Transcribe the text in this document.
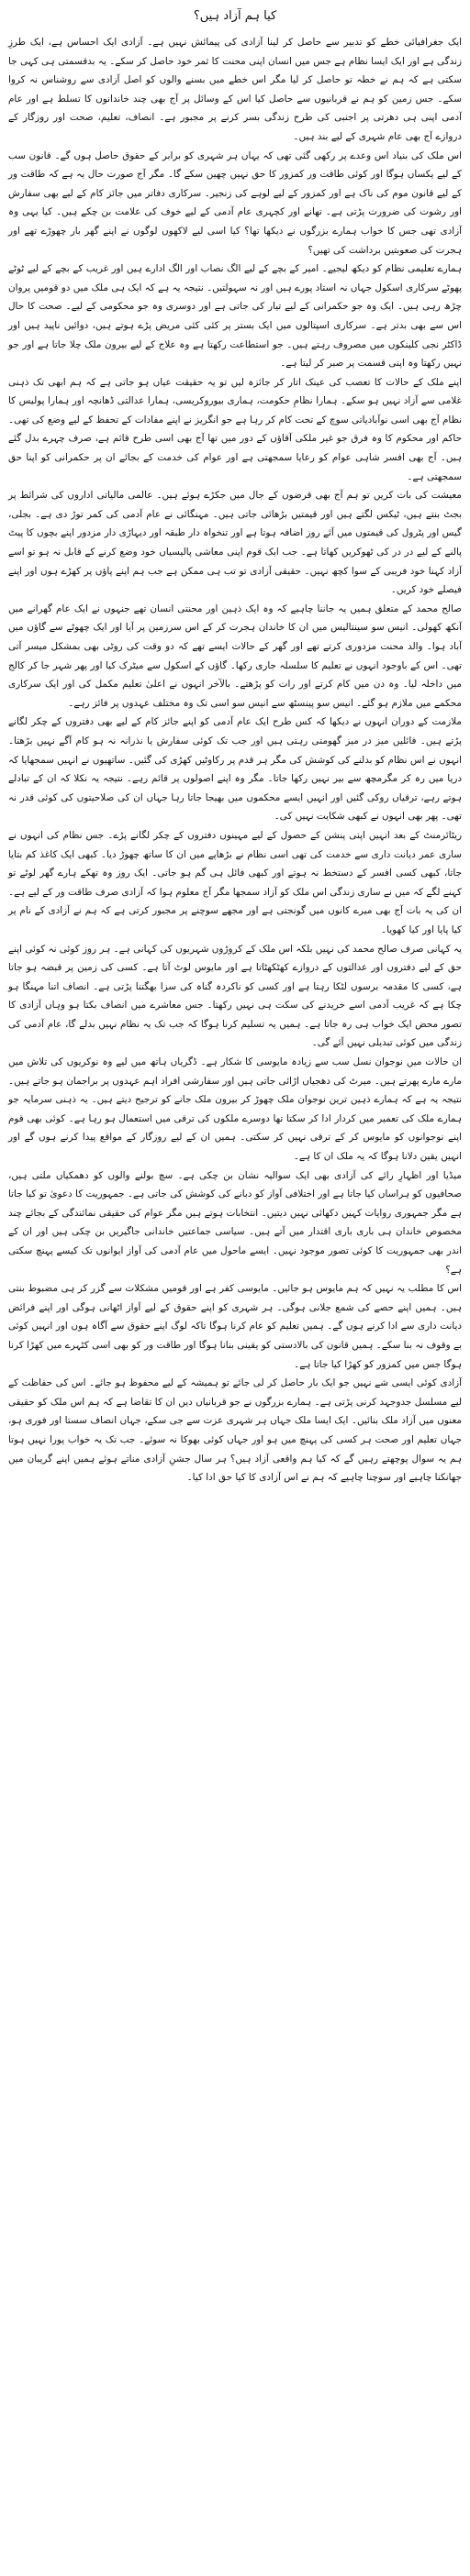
کیا ہم آزاد ہیں؟

ایک جغرافیائی خطے کو تدبیر سے حاصل کر لینا آزادی کی پیمائش نہیں ہے۔ آزادی ایک احساس ہے، ایک طرزِ زندگی ہے اور ایک ایسا نظام ہے جس میں انسان اپنی محنت کا ثمر خود حاصل کر سکے۔ یہ بدقسمتی ہی کہی جا سکتی ہے کہ ہم نے خطہ تو حاصل کر لیا مگر اس خطے میں بسنے والوں کو اصل آزادی سے روشناس نہ کروا سکے۔ جس زمین کو ہم نے قربانیوں سے حاصل کیا اس کے وسائل پر آج بھی چند خاندانوں کا تسلط ہے اور عام آدمی اپنی ہی دھرتی پر اجنبی کی طرح زندگی بسر کرنے پر مجبور ہے۔ انصاف، تعلیم، صحت اور روزگار کے دروازے آج بھی عام شہری کے لیے بند ہیں۔

اس ملک کی بنیاد اس وعدے پر رکھی گئی تھی کہ یہاں ہر شہری کو برابر کے حقوق حاصل ہوں گے۔ قانون سب کے لیے یکساں ہوگا اور کوئی طاقت ور کمزور کا حق نہیں چھین سکے گا۔ مگر آج صورت حال یہ ہے کہ طاقت ور کے لیے قانون موم کی ناک ہے اور کمزور کے لیے لوہے کی زنجیر۔ سرکاری دفاتر میں جائز کام کے لیے بھی سفارش اور رشوت کی ضرورت پڑتی ہے۔ تھانے اور کچہری عام آدمی کے لیے خوف کی علامت بن چکے ہیں۔ کیا یہی وہ آزادی تھی جس کا خواب ہمارے بزرگوں نے دیکھا تھا؟ کیا اسی لیے لاکھوں لوگوں نے اپنے گھر بار چھوڑے تھے اور ہجرت کی صعوبتیں برداشت کی تھیں؟

ہمارے تعلیمی نظام کو دیکھ لیجیے۔ امیر کے بچے کے لیے الگ نصاب اور الگ ادارے ہیں اور غریب کے بچے کے لیے ٹوٹے پھوٹے سرکاری اسکول جہاں نہ استاد پورے ہیں اور نہ سہولتیں۔ نتیجہ یہ ہے کہ ایک ہی ملک میں دو قومیں پروان چڑھ رہی ہیں۔ ایک وہ جو حکمرانی کے لیے تیار کی جاتی ہے اور دوسری وہ جو محکومی کے لیے۔ صحت کا حال اس سے بھی بدتر ہے۔ سرکاری اسپتالوں میں ایک بستر پر کئی کئی مریض پڑے ہوتے ہیں، دوائیں ناپید ہیں اور ڈاکٹر نجی کلینکوں میں مصروف رہتے ہیں۔ جو استطاعت رکھتا ہے وہ علاج کے لیے بیرون ملک چلا جاتا ہے اور جو نہیں رکھتا وہ اپنی قسمت پر صبر کر لیتا ہے۔

اپنے ملک کے حالات کا تعصب کی عینک اتار کر جائزہ لیں تو یہ حقیقت عیاں ہو جاتی ہے کہ ہم ابھی تک ذہنی غلامی سے آزاد نہیں ہو سکے۔ ہمارا نظامِ حکومت، ہماری بیوروکریسی، ہمارا عدالتی ڈھانچہ اور ہمارا پولیس کا نظام آج بھی اسی نوآبادیاتی سوچ کے تحت کام کر رہا ہے جو انگریز نے اپنے مفادات کے تحفظ کے لیے وضع کی تھی۔ حاکم اور محکوم کا وہ فرق جو غیر ملکی آقاؤں کے دور میں تھا آج بھی اسی طرح قائم ہے، صرف چہرے بدل گئے ہیں۔ آج بھی افسر شاہی عوام کو رعایا سمجھتی ہے اور عوام کی خدمت کے بجائے ان پر حکمرانی کو اپنا حق سمجھتی ہے۔

معیشت کی بات کریں تو ہم آج بھی قرضوں کے جال میں جکڑے ہوئے ہیں۔ عالمی مالیاتی اداروں کی شرائط پر بجٹ بنتے ہیں، ٹیکس لگتے ہیں اور قیمتیں بڑھائی جاتی ہیں۔ مہنگائی نے عام آدمی کی کمر توڑ دی ہے۔ بجلی، گیس اور پٹرول کی قیمتوں میں آئے روز اضافہ ہوتا ہے اور تنخواہ دار طبقہ اور دیہاڑی دار مزدور اپنے بچوں کا پیٹ پالنے کے لیے در در کی ٹھوکریں کھاتا ہے۔ جب ایک قوم اپنی معاشی پالیسیاں خود وضع کرنے کے قابل نہ ہو تو اسے آزاد کہنا خود فریبی کے سوا کچھ نہیں۔ حقیقی آزادی تو تب ہی ممکن ہے جب ہم اپنے پاؤں پر کھڑے ہوں اور اپنے فیصلے خود کریں۔

صالح محمد کے متعلق ہمیں یہ جاننا چاہیے کہ وہ ایک ذہین اور محنتی انسان تھے جنہوں نے ایک عام گھرانے میں آنکھ کھولی۔ انیس سو سینتالیس میں ان کا خاندان ہجرت کر کے اس سرزمین پر آیا اور ایک چھوٹے سے گاؤں میں آباد ہوا۔ والد محنت مزدوری کرتے تھے اور گھر کے حالات ایسے تھے کہ دو وقت کی روٹی بھی بمشکل میسر آتی تھی۔ اس کے باوجود انہوں نے تعلیم کا سلسلہ جاری رکھا۔ گاؤں کے اسکول سے میٹرک کیا اور پھر شہر جا کر کالج میں داخلہ لیا۔ وہ دن میں کام کرتے اور رات کو پڑھتے۔ بالآخر انہوں نے اعلیٰ تعلیم مکمل کی اور ایک سرکاری محکمے میں ملازم ہو گئے۔ انیس سو پینسٹھ سے انیس سو اسی تک وہ مختلف عہدوں پر فائز رہے۔

ملازمت کے دوران انہوں نے دیکھا کہ کس طرح ایک عام آدمی کو اپنے جائز کام کے لیے بھی دفتروں کے چکر لگانے پڑتے ہیں۔ فائلیں میز در میز گھومتی رہتی ہیں اور جب تک کوئی سفارش یا نذرانہ نہ ہو کام آگے نہیں بڑھتا۔ انہوں نے اس نظام کو بدلنے کی کوشش کی مگر ہر قدم پر رکاوٹیں کھڑی کی گئیں۔ ساتھیوں نے انہیں سمجھایا کہ دریا میں رہ کر مگرمچھ سے بیر نہیں رکھا جاتا۔ مگر وہ اپنے اصولوں پر قائم رہے۔ نتیجہ یہ نکلا کہ ان کے تبادلے ہوتے رہے، ترقیاں روکی گئیں اور انہیں ایسے محکموں میں بھیجا جاتا رہا جہاں ان کی صلاحیتوں کی کوئی قدر نہ تھی۔ پھر بھی انہوں نے کبھی شکایت نہیں کی۔

ریٹائرمنٹ کے بعد انہیں اپنی پنشن کے حصول کے لیے مہینوں دفتروں کے چکر لگانے پڑے۔ جس نظام کی انہوں نے ساری عمر دیانت داری سے خدمت کی تھی اسی نظام نے بڑھاپے میں ان کا ساتھ چھوڑ دیا۔ کبھی ایک کاغذ کم بتایا جاتا، کبھی کسی افسر کے دستخط نہ ہوتے اور کبھی فائل ہی گم ہو جاتی۔ ایک روز وہ تھکے ہارے گھر لوٹے تو کہنے لگے کہ میں نے ساری زندگی اس ملک کو آزاد سمجھا مگر آج معلوم ہوا کہ آزادی صرف طاقت ور کے لیے ہے۔ ان کی یہ بات آج بھی میرے کانوں میں گونجتی ہے اور مجھے سوچنے پر مجبور کرتی ہے کہ ہم نے آزادی کے نام پر کیا پایا اور کیا کھویا۔

یہ کہانی صرف صالح محمد کی نہیں بلکہ اس ملک کے کروڑوں شہریوں کی کہانی ہے۔ ہر روز کوئی نہ کوئی اپنے حق کے لیے دفتروں اور عدالتوں کے دروازے کھٹکھٹاتا ہے اور مایوس لوٹ آتا ہے۔ کسی کی زمین پر قبضہ ہو جاتا ہے، کسی کا مقدمہ برسوں لٹکا رہتا ہے اور کسی کو ناکردہ گناہ کی سزا بھگتنا پڑتی ہے۔ انصاف اتنا مہنگا ہو چکا ہے کہ غریب آدمی اسے خریدنے کی سکت ہی نہیں رکھتا۔ جس معاشرے میں انصاف بکتا ہو وہاں آزادی کا تصور محض ایک خواب ہی رہ جاتا ہے۔ ہمیں یہ تسلیم کرنا ہوگا کہ جب تک یہ نظام نہیں بدلے گا، عام آدمی کی زندگی میں کوئی تبدیلی نہیں آئے گی۔

ان حالات میں نوجوان نسل سب سے زیادہ مایوسی کا شکار ہے۔ ڈگریاں ہاتھ میں لیے وہ نوکریوں کی تلاش میں مارے مارے پھرتے ہیں۔ میرٹ کی دھجیاں اڑائی جاتی ہیں اور سفارشی افراد اہم عہدوں پر براجمان ہو جاتے ہیں۔ نتیجہ یہ ہے کہ ہمارے ذہین ترین نوجوان ملک چھوڑ کر بیرون ملک جانے کو ترجیح دیتے ہیں۔ یہ ذہنی سرمایہ جو ہمارے ملک کی تعمیر میں کردار ادا کر سکتا تھا دوسرے ملکوں کی ترقی میں استعمال ہو رہا ہے۔ کوئی بھی قوم اپنے نوجوانوں کو مایوس کر کے ترقی نہیں کر سکتی۔ ہمیں ان کے لیے روزگار کے مواقع پیدا کرنے ہوں گے اور انہیں یقین دلانا ہوگا کہ یہ ملک ان کا ہے۔

میڈیا اور اظہارِ رائے کی آزادی بھی ایک سوالیہ نشان بن چکی ہے۔ سچ بولنے والوں کو دھمکیاں ملتی ہیں، صحافیوں کو ہراساں کیا جاتا ہے اور اختلافی آواز کو دبانے کی کوشش کی جاتی ہے۔ جمہوریت کا دعویٰ تو کیا جاتا ہے مگر جمہوری روایات کہیں دکھائی نہیں دیتیں۔ انتخابات ہوتے ہیں مگر عوام کی حقیقی نمائندگی کے بجائے چند مخصوص خاندان ہی باری باری اقتدار میں آتے ہیں۔ سیاسی جماعتیں خاندانی جاگیریں بن چکی ہیں اور ان کے اندر بھی جمہوریت کا کوئی تصور موجود نہیں۔ ایسے ماحول میں عام آدمی کی آواز ایوانوں تک کیسے پہنچ سکتی ہے؟

اس کا مطلب یہ نہیں کہ ہم مایوس ہو جائیں۔ مایوسی کفر ہے اور قومیں مشکلات سے گزر کر ہی مضبوط بنتی ہیں۔ ہمیں اپنے حصے کی شمع جلانی ہوگی۔ ہر شہری کو اپنے حقوق کے لیے آواز اٹھانی ہوگی اور اپنے فرائض دیانت داری سے ادا کرنے ہوں گے۔ ہمیں تعلیم کو عام کرنا ہوگا تاکہ لوگ اپنے حقوق سے آگاہ ہوں اور انہیں کوئی بے وقوف نہ بنا سکے۔ ہمیں قانون کی بالادستی کو یقینی بنانا ہوگا اور طاقت ور کو بھی اسی کٹہرے میں کھڑا کرنا ہوگا جس میں کمزور کو کھڑا کیا جاتا ہے۔

آزادی کوئی ایسی شے نہیں جو ایک بار حاصل کر لی جائے تو ہمیشہ کے لیے محفوظ ہو جائے۔ اس کی حفاظت کے لیے مسلسل جدوجہد کرنی پڑتی ہے۔ ہمارے بزرگوں نے جو قربانیاں دیں ان کا تقاضا ہے کہ ہم اس ملک کو حقیقی معنوں میں آزاد ملک بنائیں۔ ایک ایسا ملک جہاں ہر شہری عزت سے جی سکے، جہاں انصاف سستا اور فوری ہو، جہاں تعلیم اور صحت ہر کسی کی پہنچ میں ہو اور جہاں کوئی بھوکا نہ سوئے۔ جب تک یہ خواب پورا نہیں ہوتا ہم یہ سوال پوچھتے رہیں گے کہ کیا ہم واقعی آزاد ہیں؟ ہر سال جشنِ آزادی مناتے ہوئے ہمیں اپنے گریبان میں جھانکنا چاہیے اور سوچنا چاہیے کہ ہم نے اس آزادی کا کیا حق ادا کیا۔
